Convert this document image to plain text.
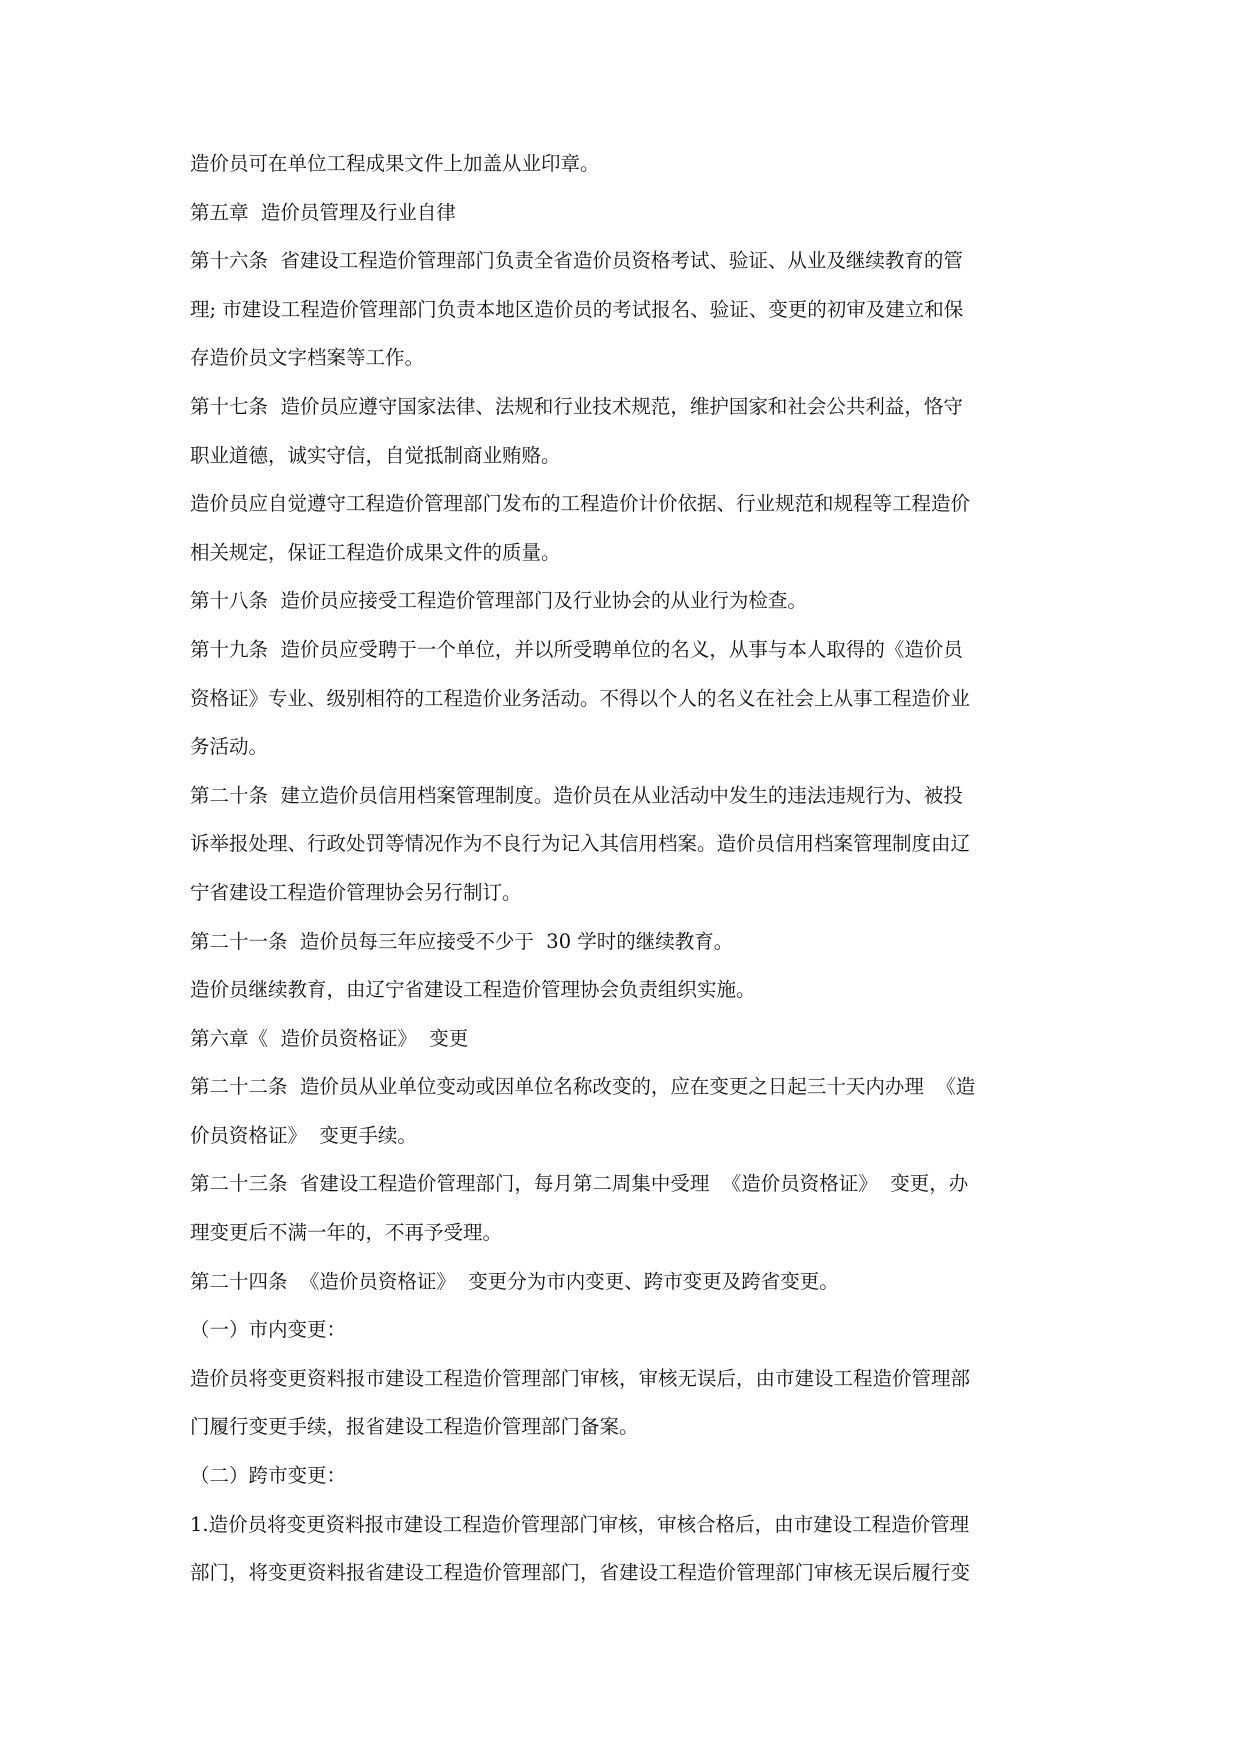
造价员可在单位工程成果文件上加盖从业印章。
第五章  造价员管理及行业自律
第十六条  省建设工程造价管理部门负责全省造价员资格考试、验证、从业及继续教育的管
理; 市建设工程造价管理部门负责本地区造价员的考试报名、验证、变更的初审及建立和保
存造价员文字档案等工作。
第十七条  造价员应遵守国家法律、法规和行业技术规范，维护国家和社会公共利益，恪守
职业道德，诚实守信，自觉抵制商业贿赂。
造价员应自觉遵守工程造价管理部门发布的工程造价计价依据、行业规范和规程等工程造价
相关规定，保证工程造价成果文件的质量。
第十八条  造价员应接受工程造价管理部门及行业协会的从业行为检查。
第十九条  造价员应受聘于一个单位，并以所受聘单位的名义，从事与本人取得的《造价员
资格证》专业、级别相符的工程造价业务活动。不得以个人的名义在社会上从事工程造价业
务活动。
第二十条  建立造价员信用档案管理制度。造价员在从业活动中发生的违法违规行为、被投
诉举报处理、行政处罚等情况作为不良行为记入其信用档案。造价员信用档案管理制度由辽
宁省建设工程造价管理协会另行制订。
第二十一条  造价员每三年应接受不少于  30 学时的继续教育。
造价员继续教育，由辽宁省建设工程造价管理协会负责组织实施。
第六章《  造价员资格证》  变更
第二十二条  造价员从业单位变动或因单位名称改变的，应在变更之日起三十天内办理  《造
价员资格证》  变更手续。
第二十三条  省建设工程造价管理部门，每月第二周集中受理  《造价员资格证》  变更，办
理变更后不满一年的，不再予受理。
第二十四条  《造价员资格证》  变更分为市内变更、跨市变更及跨省变更。
（一）市内变更：
造价员将变更资料报市建设工程造价管理部门审核，审核无误后，由市建设工程造价管理部
门履行变更手续，报省建设工程造价管理部门备案。
（二）跨市变更：
1.造价员将变更资料报市建设工程造价管理部门审核，审核合格后，由市建设工程造价管理
部门，将变更资料报省建设工程造价管理部门，省建设工程造价管理部门审核无误后履行变
